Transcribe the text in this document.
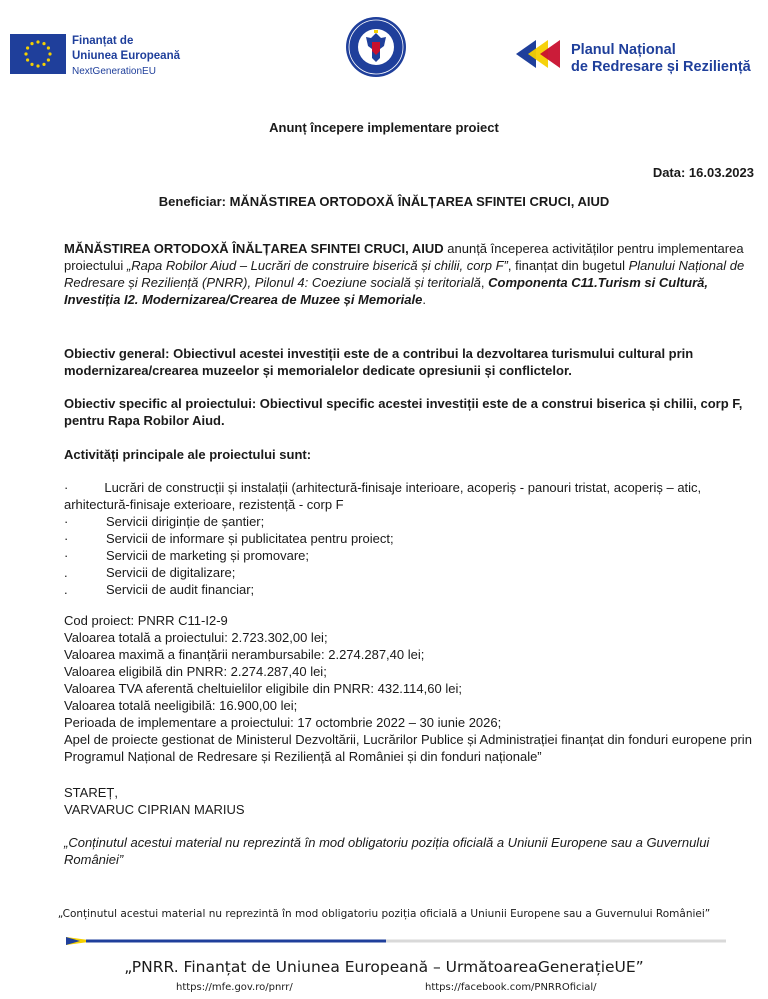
Finanțat de
Uniunea Europeană
NextGenerationEU
Planul Național
de Redresare și Reziliență
Anunț începere implementare proiect
Data: 16.03.2023
Beneficiar: MĂNĂSTIREA ORTODOXĂ ÎNĂLȚAREA SFINTEI CRUCI, AIUD
MĂNĂSTIREA ORTODOXĂ ÎNĂLȚAREA SFINTEI CRUCI, AIUD anunță începerea activităților pentru implementarea proiectului „Rapa Robilor Aiud – Lucrări de construire biserică și chilii, corp F”, finanțat din bugetul Planului Național de Redresare și Reziliență (PNRR), Pilonul 4: Coeziune socială și teritorială, Componenta C11.Turism si Cultură, Investiția I2. Modernizarea/Crearea de Muzee și Memoriale.
Obiectiv general: Obiectivul acestei investiții este de a contribui la dezvoltarea turismului cultural prin modernizarea/crearea muzeelor și memorialelor dedicate opresiunii și conflictelor.
Obiectiv specific al proiectului: Obiectivul specific acestei investiții este de a construi biserica și chilii, corp F, pentru Rapa Robilor Aiud.
Activități principale ale proiectului sunt:
·	Lucrări de construcții și instalații (arhitectură-finisaje interioare, acoperiș - panouri tristat, acoperiș – atic, arhitectură-finisaje exterioare, rezistență - corp F
·	Servicii diriginție de șantier;
·	Servicii de informare și publicitatea pentru proiect;
·	Servicii de marketing și promovare;
.	Servicii de digitalizare;
.	Servicii de audit financiar;
Cod proiect: PNRR C11-I2-9
Valoarea totală a proiectului: 2.723.302,00 lei;
Valoarea maximă a finanțării nerambursabile: 2.274.287,40 lei;
Valoarea eligibilă din PNRR: 2.274.287,40 lei;
Valoarea TVA aferentă cheltuielilor eligibile din PNRR: 432.114,60 lei;
Valoarea totală neeligibilă: 16.900,00 lei;
Perioada de implementare a proiectului: 17 octombrie 2022 – 30 iunie 2026;
Apel de proiecte gestionat de Ministerul Dezvoltării, Lucrărilor Publice și Administrației finanțat din fonduri europene prin Programul Național de Redresare și Reziliență al României și din fonduri naționale”
STAREȚ,
VARVARUC CIPRIAN MARIUS
„Conținutul acestui material nu reprezintă în mod obligatoriu poziția oficială a Uniunii Europene sau a Guvernului României”
„Conținutul acestui material nu reprezintă în mod obligatoriu poziția oficială a Uniunii Europene sau a Guvernului României”
„PNRR. Finanțat de Uniunea Europeană – UrmătoareaGenerațieUE”
https://mfe.gov.ro/pnrr/	https://facebook.com/PNRROficial/
